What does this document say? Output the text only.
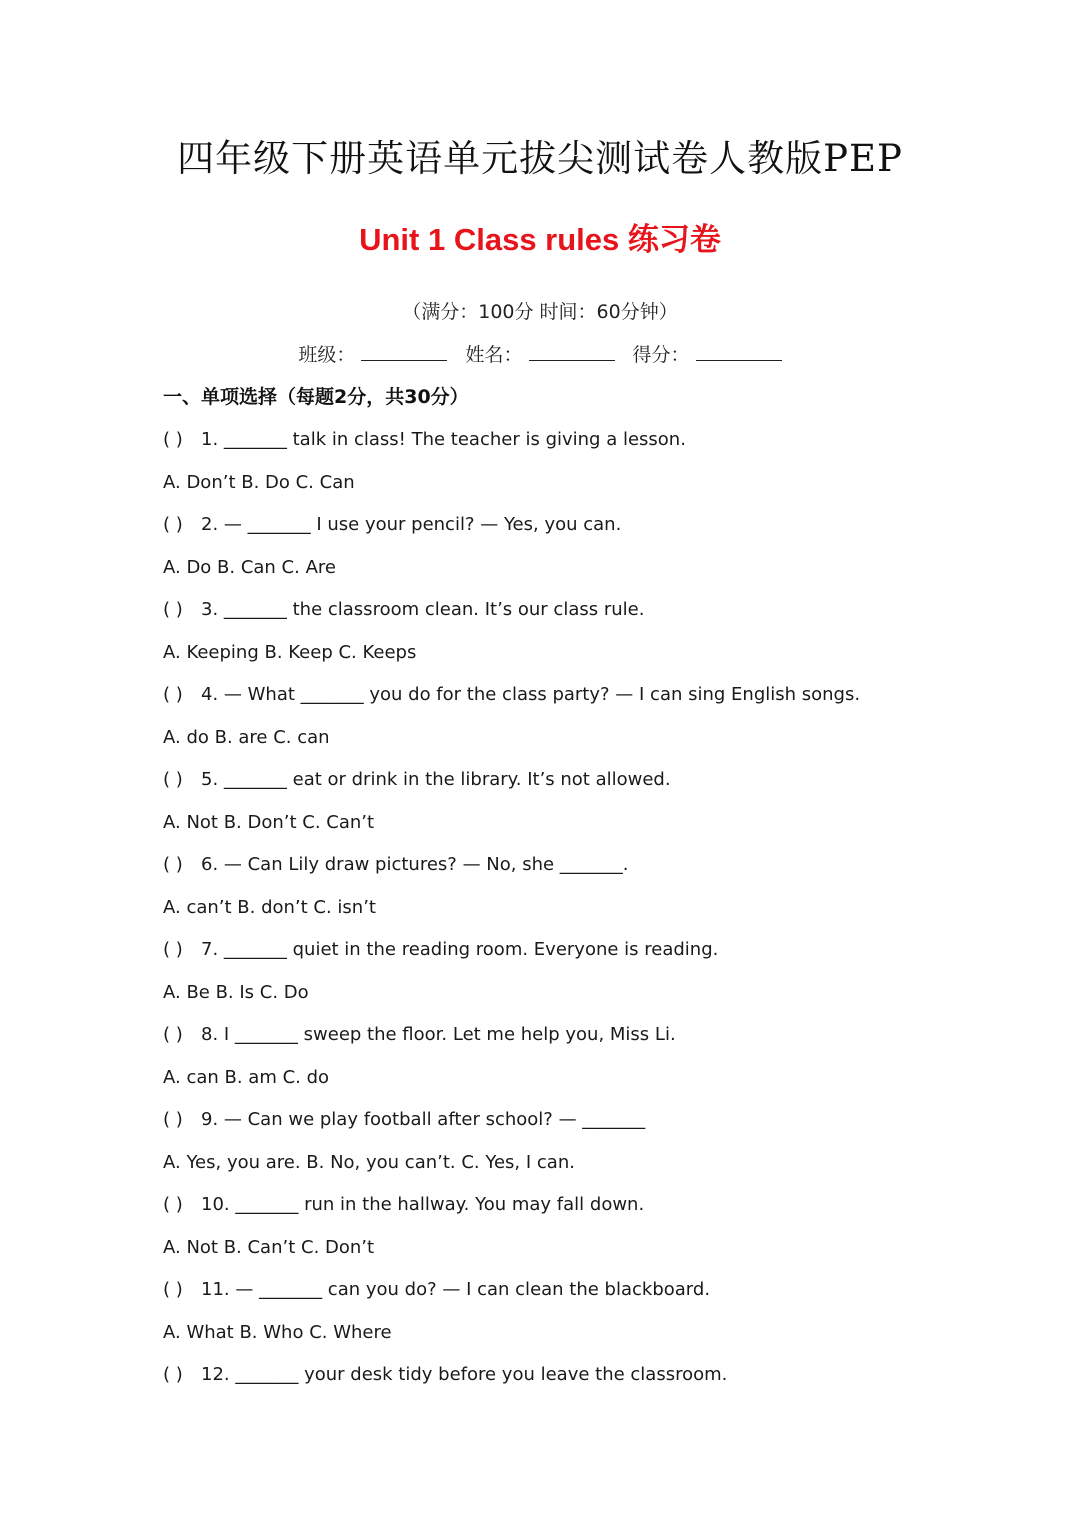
四年级下册英语单元拔尖测试卷人教版PEP
Unit 1 Class rules 练习卷
（满分：100分 时间：60分钟）
班级：	姓名：	得分：
一、单项选择（每题2分，共30分）
( ) 1. _______ talk in class! The teacher is giving a lesson.
A. Don’t B. Do C. Can
( ) 2. — _______ I use your pencil? — Yes, you can.
A. Do B. Can C. Are
( ) 3. _______ the classroom clean. It’s our class rule.
A. Keeping B. Keep C. Keeps
( ) 4. — What _______ you do for the class party? — I can sing English songs.
A. do B. are C. can
( ) 5. _______ eat or drink in the library. It’s not allowed.
A. Not B. Don’t C. Can’t
( ) 6. — Can Lily draw pictures? — No, she _______.
A. can’t B. don’t C. isn’t
( ) 7. _______ quiet in the reading room. Everyone is reading.
A. Be B. Is C. Do
( ) 8. I _______ sweep the floor. Let me help you, Miss Li.
A. can B. am C. do
( ) 9. — Can we play football after school? — _______
A. Yes, you are. B. No, you can’t. C. Yes, I can.
( ) 10. _______ run in the hallway. You may fall down.
A. Not B. Can’t C. Don’t
( ) 11. — _______ can you do? — I can clean the blackboard.
A. What B. Who C. Where
( ) 12. _______ your desk tidy before you leave the classroom.
